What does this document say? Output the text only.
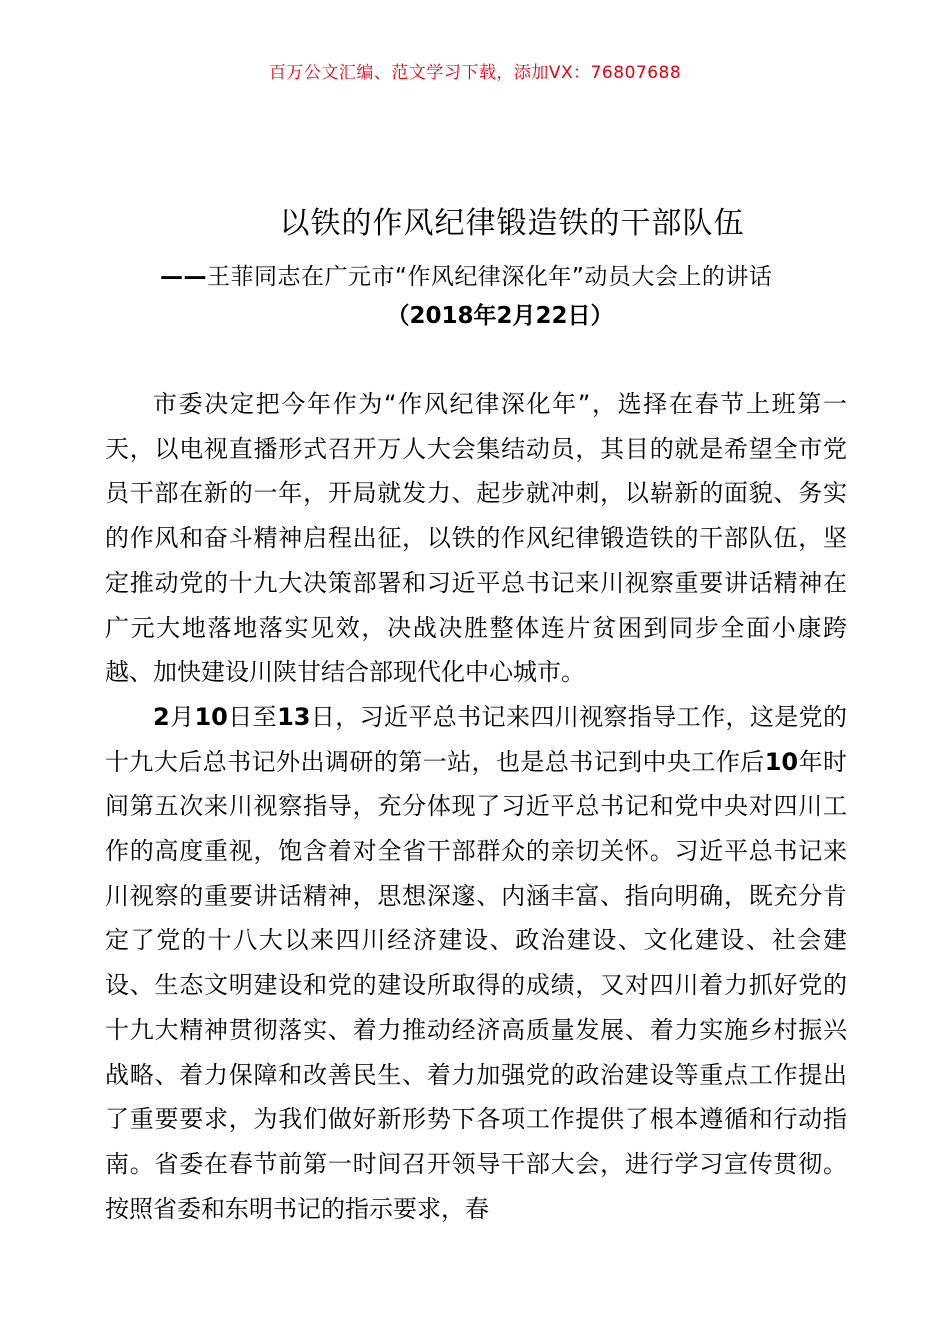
百万公文汇编、范文学习下载，添加VX：76807688
以铁的作风纪律锻造铁的干部队伍
——王菲同志在广元市“作风纪律深化年”动员大会上的讲话
（2018年2月22日）

市委决定把今年作为“作风纪律深化年”，选择在春节上班第一天，以电视直播形式召开万人大会集结动员，其目的就是希望全市党员干部在新的一年，开局就发力、起步就冲刺，以崭新的面貌、务实的作风和奋斗精神启程出征，以铁的作风纪律锻造铁的干部队伍，坚定推动党的十九大决策部署和习近平总书记来川视察重要讲话精神在广元大地落地落实见效，决战决胜整体连片贫困到同步全面小康跨越、加快建设川陕甘结合部现代化中心城市。

2月10日至13日，习近平总书记来四川视察指导工作，这是党的十九大后总书记外出调研的第一站，也是总书记到中央工作后10年时间第五次来川视察指导，充分体现了习近平总书记和党中央对四川工作的高度重视，饱含着对全省干部群众的亲切关怀。习近平总书记来川视察的重要讲话精神，思想深邃、内涵丰富、指向明确，既充分肯定了党的十八大以来四川经济建设、政治建设、文化建设、社会建设、生态文明建设和党的建设所取得的成绩，又对四川着力抓好党的十九大精神贯彻落实、着力推动经济高质量发展、着力实施乡村振兴战略、着力保障和改善民生、着力加强党的政治建设等重点工作提出了重要要求，为我们做好新形势下各项工作提供了根本遵循和行动指南。省委在春节前第一时间召开领导干部大会，进行学习宣传贯彻。按照省委和东明书记的指示要求，春
